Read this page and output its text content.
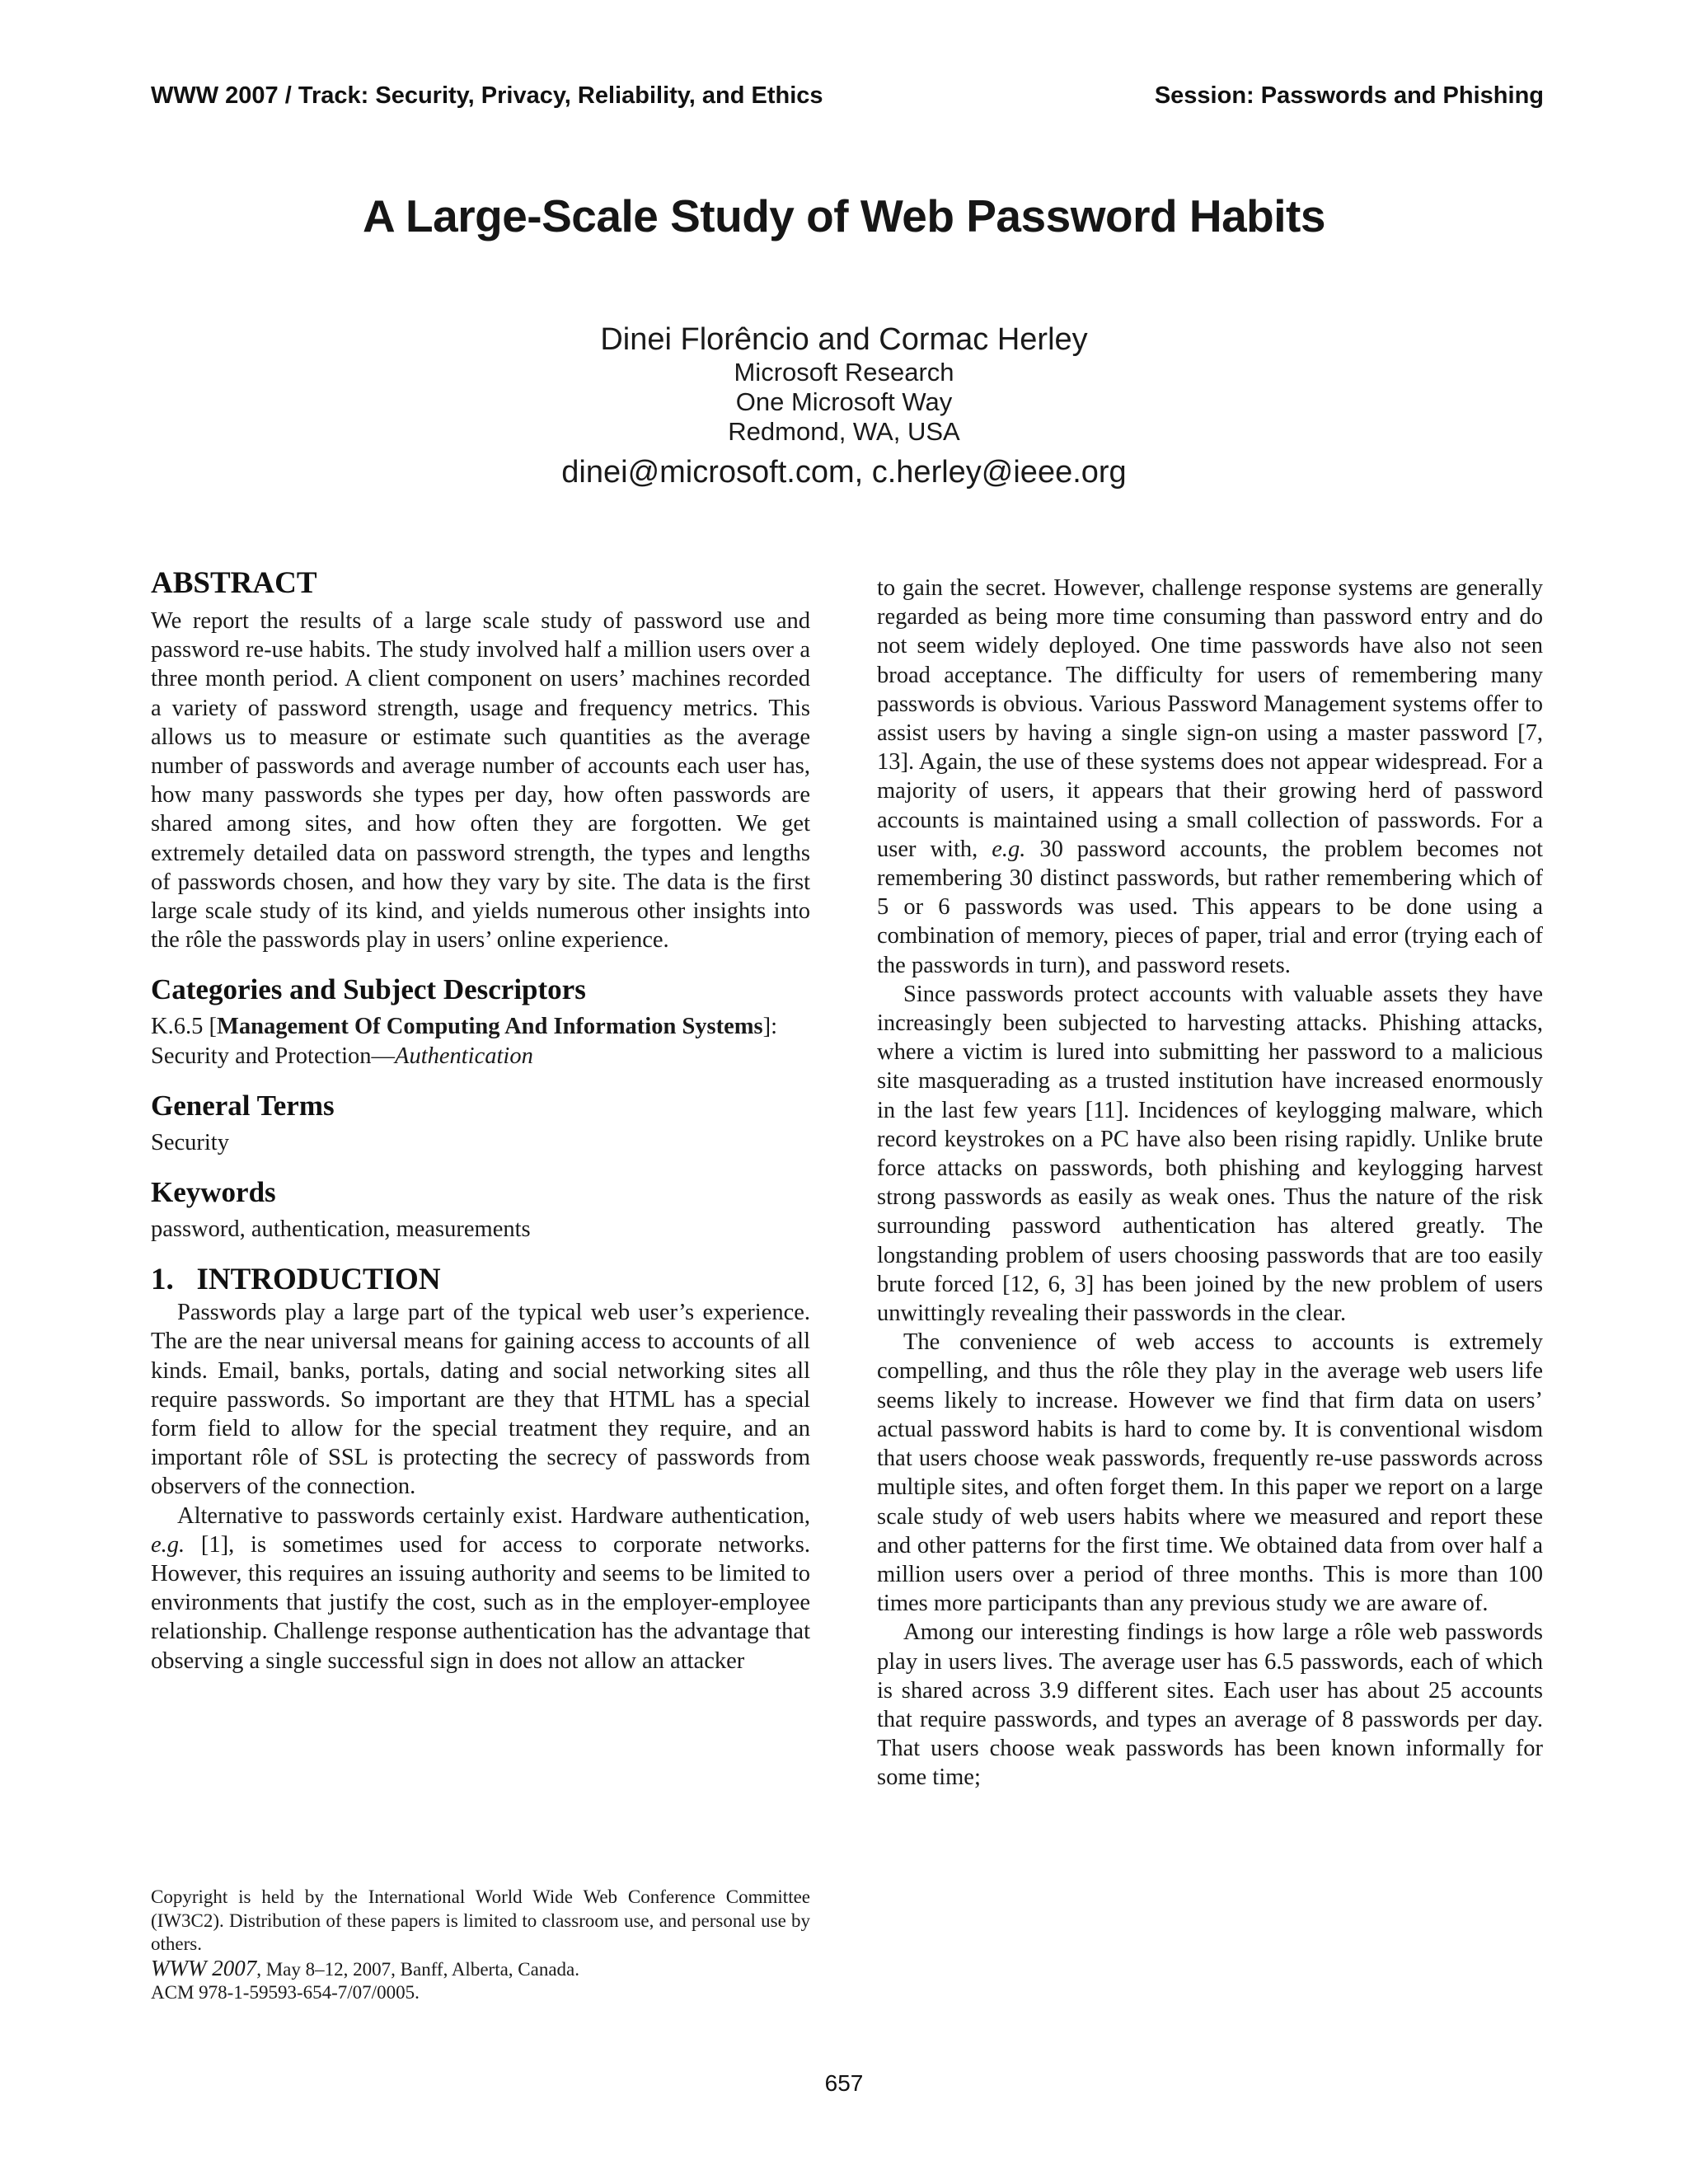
WWW 2007 / Track: Security, Privacy, Reliability, and Ethics	Session: Passwords and Phishing
A Large-Scale Study of Web Password Habits
Dinei Florêncio and Cormac Herley
Microsoft Research
One Microsoft Way
Redmond, WA, USA
dinei@microsoft.com, c.herley@ieee.org
ABSTRACT

We report the results of a large scale study of password use and password re-use habits. The study involved half a million users over a three month period. A client component on users’ machines recorded a variety of password strength, usage and frequency metrics. This allows us to measure or estimate such quantities as the average number of passwords and average number of accounts each user has, how many passwords she types per day, how often passwords are shared among sites, and how often they are forgotten. We get extremely detailed data on password strength, the types and lengths of passwords chosen, and how they vary by site. The data is the first large scale study of its kind, and yields numerous other insights into the rôle the passwords play in users’ online experience.

Categories and Subject Descriptors

K.6.5 [Management Of Computing And Information Systems]: Security and Protection—Authentication

General Terms

Security

Keywords

password, authentication, measurements

1.   INTRODUCTION

Passwords play a large part of the typical web user’s experience. The are the near universal means for gaining access to accounts of all kinds. Email, banks, portals, dating and social networking sites all require passwords. So important are they that HTML has a special form field to allow for the special treatment they require, and an important rôle of SSL is protecting the secrecy of passwords from observers of the connection.

Alternative to passwords certainly exist. Hardware authentication, e.g. [1], is sometimes used for access to corporate networks. However, this requires an issuing authority and seems to be limited to environments that justify the cost, such as in the employer-employee relationship. Challenge response authentication has the advantage that observing a single successful sign in does not allow an attacker

Copyright is held by the International World Wide Web Conference Committee (IW3C2). Distribution of these papers is limited to classroom use, and personal use by others.
WWW 2007, May 8–12, 2007, Banff, Alberta, Canada.
ACM 978-1-59593-654-7/07/0005.

to gain the secret. However, challenge response systems are generally regarded as being more time consuming than password entry and do not seem widely deployed. One time passwords have also not seen broad acceptance. The difficulty for users of remembering many passwords is obvious. Various Password Management systems offer to assist users by having a single sign-on using a master password [7, 13]. Again, the use of these systems does not appear widespread. For a majority of users, it appears that their growing herd of password accounts is maintained using a small collection of passwords. For a user with, e.g. 30 password accounts, the problem becomes not remembering 30 distinct passwords, but rather remembering which of 5 or 6 passwords was used. This appears to be done using a combination of memory, pieces of paper, trial and error (trying each of the passwords in turn), and password resets.

Since passwords protect accounts with valuable assets they have increasingly been subjected to harvesting attacks. Phishing attacks, where a victim is lured into submitting her password to a malicious site masquerading as a trusted institution have increased enormously in the last few years [11]. Incidences of keylogging malware, which record keystrokes on a PC have also been rising rapidly. Unlike brute force attacks on passwords, both phishing and keylogging harvest strong passwords as easily as weak ones. Thus the nature of the risk surrounding password authentication has altered greatly. The longstanding problem of users choosing passwords that are too easily brute forced [12, 6, 3] has been joined by the new problem of users unwittingly revealing their passwords in the clear.

The convenience of web access to accounts is extremely compelling, and thus the rôle they play in the average web users life seems likely to increase. However we find that firm data on users’ actual password habits is hard to come by. It is conventional wisdom that users choose weak passwords, frequently re-use passwords across multiple sites, and often forget them. In this paper we report on a large scale study of web users habits where we measured and report these and other patterns for the first time. We obtained data from over half a million users over a period of three months. This is more than 100 times more participants than any previous study we are aware of.

Among our interesting findings is how large a rôle web passwords play in users lives. The average user has 6.5 passwords, each of which is shared across 3.9 different sites. Each user has about 25 accounts that require passwords, and types an average of 8 passwords per day. That users choose weak passwords has been known informally for some time;

657
